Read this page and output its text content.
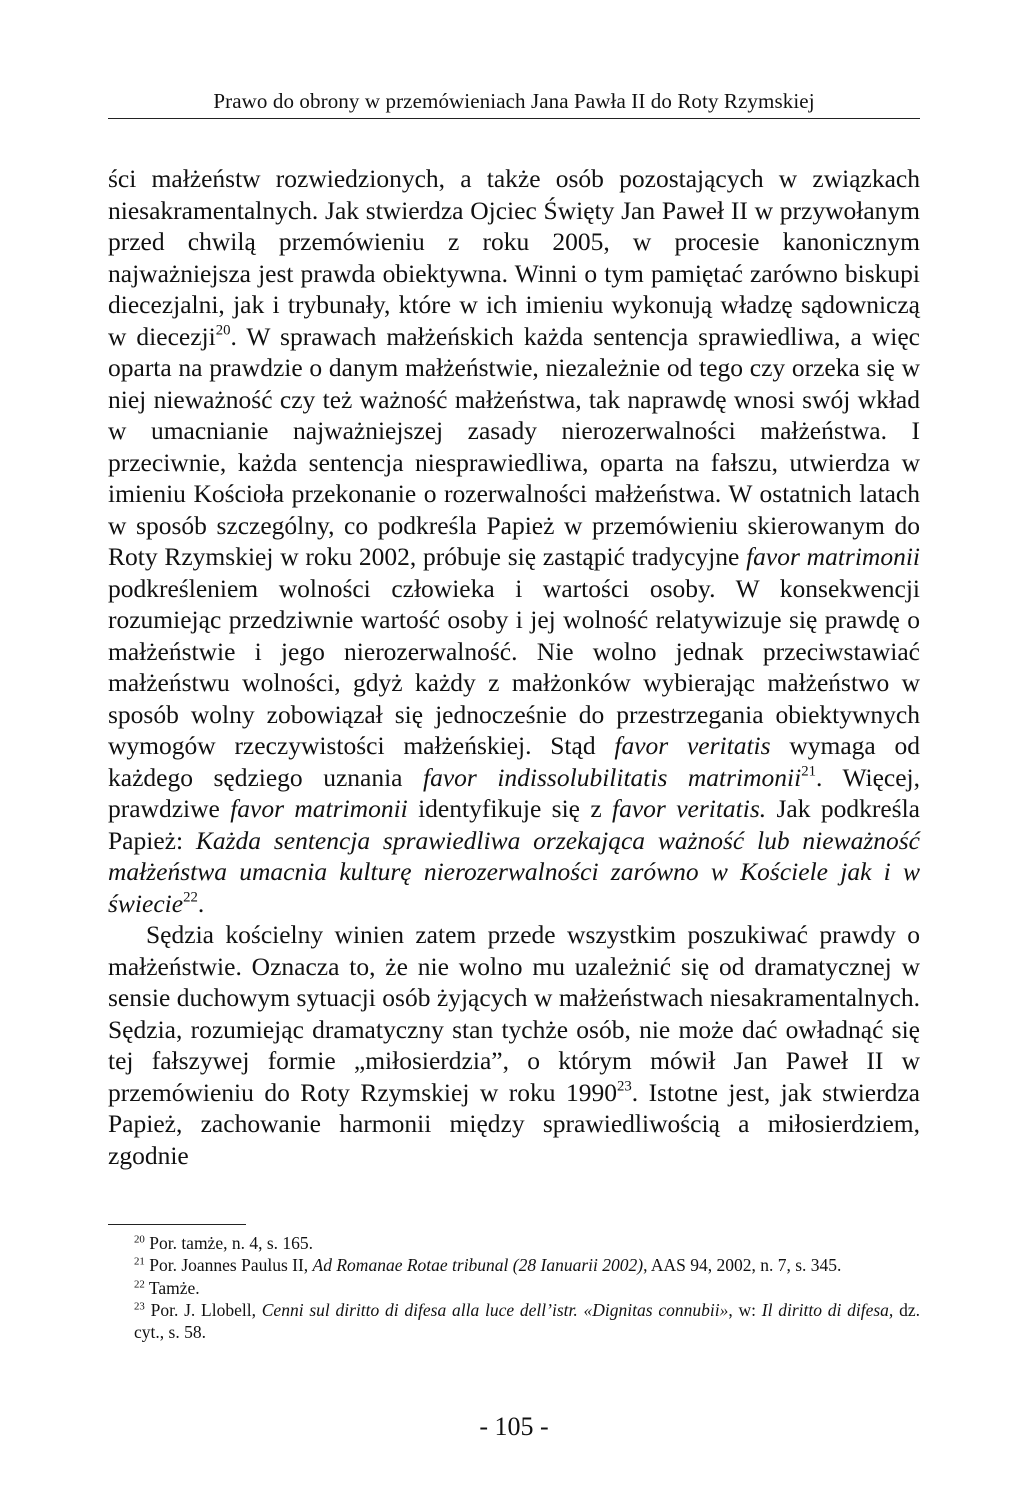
Prawo do obrony w przemówieniach Jana Pawła II do Roty Rzymskiej

ści małżeństw rozwiedzionych, a także osób pozostających w związkach niesakramentalnych. Jak stwierdza Ojciec Święty Jan Paweł II w przywołanym przed chwilą przemówieniu z roku 2005, w procesie kanonicznym najważniejsza jest prawda obiektywna. Winni o tym pamiętać zarówno biskupi diecezjalni, jak i trybunały, które w ich imieniu wykonują władzę sądowniczą w diecezji$^{20}$. W sprawach małżeńskich każda sentencja sprawiedliwa, a więc oparta na prawdzie o danym małżeństwie, niezależnie od tego czy orzeka się w niej nieważność czy też ważność małżeństwa, tak naprawdę wnosi swój wkład w umacnianie najważniejszej zasady nierozerwalności małżeństwa. I przeciwnie, każda sentencja niesprawiedliwa, oparta na fałszu, utwierdza w imieniu Kościoła przekonanie o rozerwalności małżeństwa. W ostatnich latach w sposób szczególny, co podkreśla Papież w przemówieniu skierowanym do Roty Rzymskiej w roku 2002, próbuje się zastąpić tradycyjne favor matrimonii podkreśleniem wolności człowieka i wartości osoby. W konsekwencji rozumiejąc przedziwnie wartość osoby i jej wolność relatywizuje się prawdę o małżeństwie i jego nierozerwalność. Nie wolno jednak przeciwstawiać małżeństwu wolności, gdyż każdy z małżonków wybierając małżeństwo w sposób wolny zobowiązał się jednocześnie do przestrzegania obiektywnych wymogów rzeczywistości małżeńskiej. Stąd favor veritatis wymaga od każdego sędziego uznania favor indissolubilitatis matrimonii$^{21}$. Więcej, prawdziwe favor matrimonii identyfikuje się z favor veritatis. Jak podkreśla Papież: Każda sentencja sprawiedliwa orzekająca ważność lub nieważność małżeństwa umacnia kulturę nierozerwalności zarówno w Kościele jak i w świecie$^{22}$.

Sędzia kościelny winien zatem przede wszystkim poszukiwać prawdy o małżeństwie. Oznacza to, że nie wolno mu uzależnić się od dramatycznej w sensie duchowym sytuacji osób żyjących w małżeństwach niesakramentalnych. Sędzia, rozumiejąc dramatyczny stan tychże osób, nie może dać owładnąć się tej fałszywej formie „miłosierdzia”, o którym mówił Jan Paweł II w przemówieniu do Roty Rzymskiej w roku 1990$^{23}$. Istotne jest, jak stwierdza Papież, zachowanie harmonii między sprawiedliwością a miłosierdziem, zgodnie

$^{20}$ Por. tamże, n. 4, s. 165.

$^{21}$ Por. Joannes Paulus II, Ad Romanae Rotae tribunal (28 Ianuarii 2002), AAS 94, 2002, n. 7, s. 345.

$^{22}$ Tamże.

$^{23}$ Por. J. Llobell, Cenni sul diritto di difesa alla luce dell’istr. «Dignitas connubii», w: Il diritto di difesa, dz. cyt., s. 58.

- 105 -
